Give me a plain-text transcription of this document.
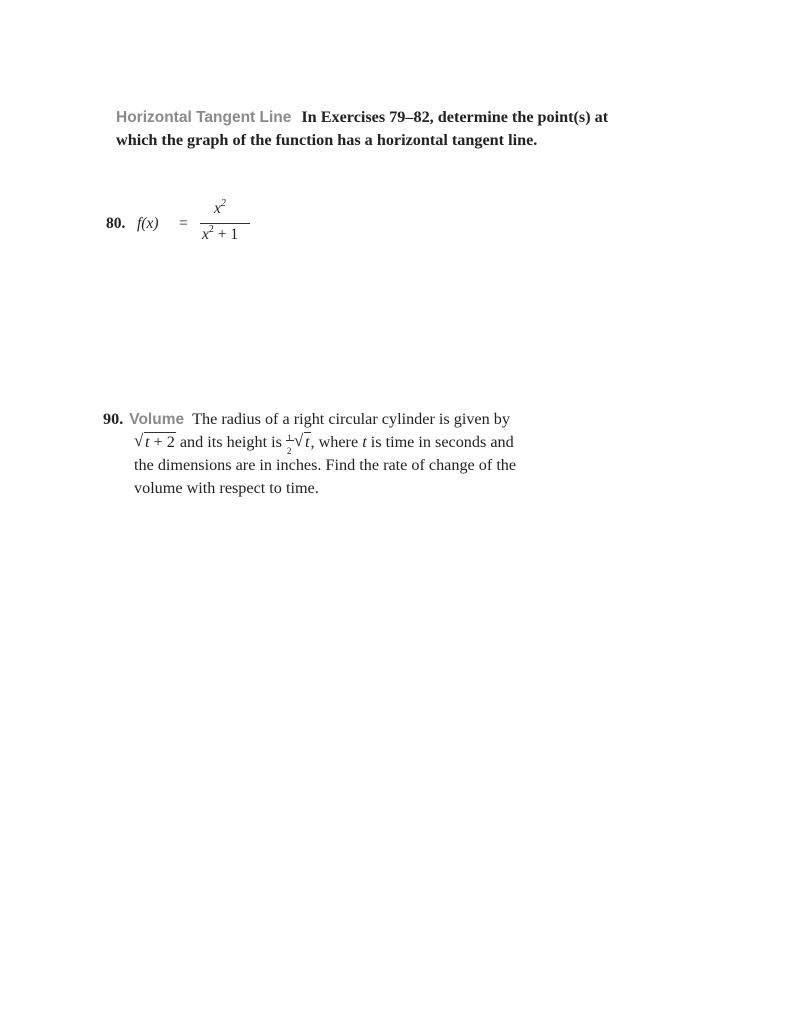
Horizontal Tangent Line In Exercises 79–82, determine the point(s) at which the graph of the function has a horizontal tangent line.
80. f(x) =
$x^2$
$x^2 + 1$
90. Volume The radius of a right circular cylinder is given by
√ t + 2 and its height is 1
2
√ t, where t is time in seconds and
the dimensions are in inches. Find the rate of change of the
volume with respect to time.
